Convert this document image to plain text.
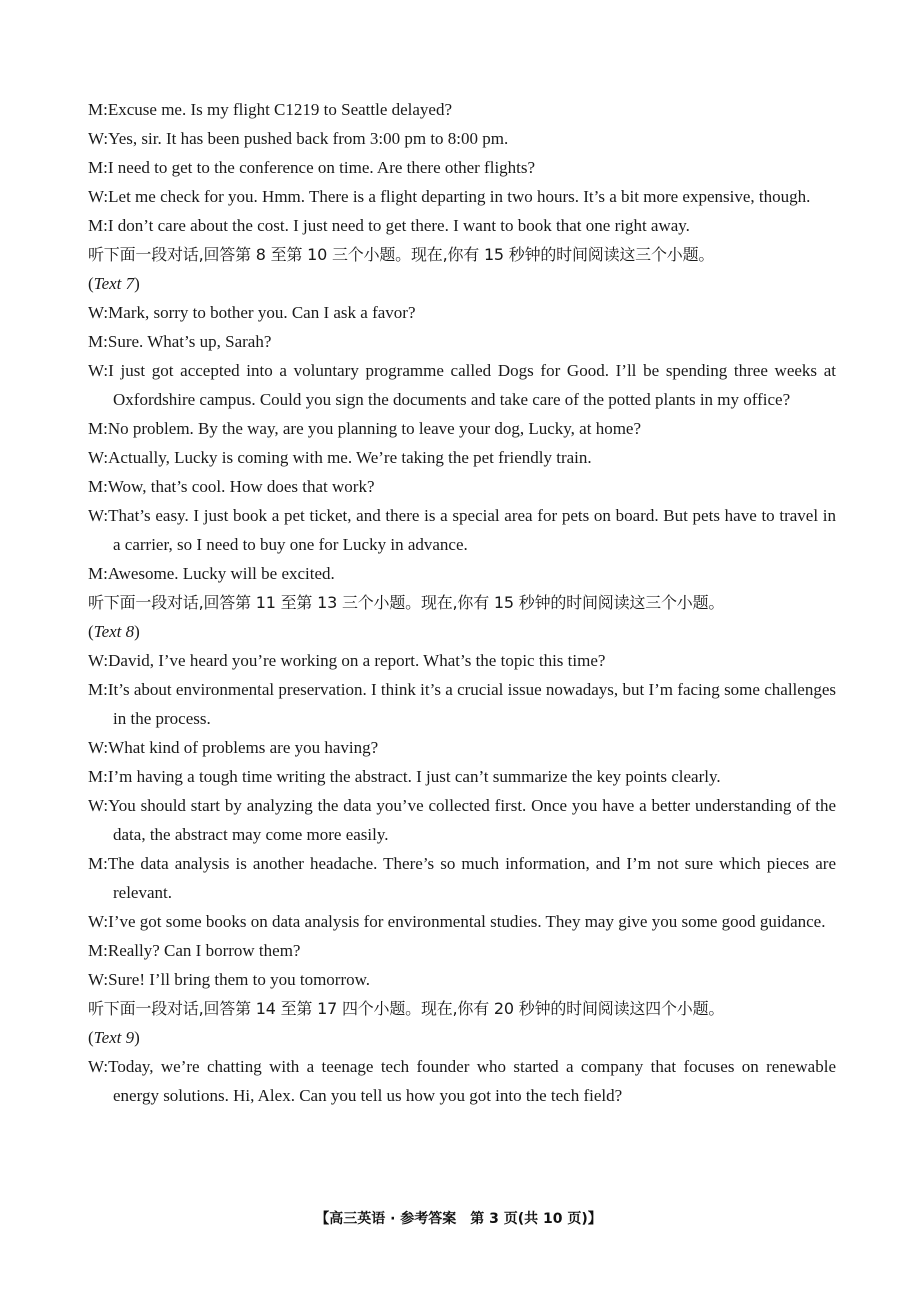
M:Excuse me. Is my flight C1219 to Seattle delayed?

W:Yes, sir. It has been pushed back from 3:00 pm to 8:00 pm.

M:I need to get to the conference on time. Are there other flights?

W:Let me check for you. Hmm. There is a flight departing in two hours. It’s a bit more expensive, though.

M:I don’t care about the cost. I just need to get there. I want to book that one right away.

听下面一段对话,回答第 8 至第 10 三个小题。现在,你有 15 秒钟的时间阅读这三个小题。

(Text 7)

W:Mark, sorry to bother you. Can I ask a favor?

M:Sure. What’s up, Sarah?

W:I just got accepted into a voluntary programme called Dogs for Good. I’ll be spending three weeks at Oxfordshire campus. Could you sign the documents and take care of the potted plants in my office?

M:No problem. By the way, are you planning to leave your dog, Lucky, at home?

W:Actually, Lucky is coming with me. We’re taking the pet friendly train.

M:Wow, that’s cool. How does that work?

W:That’s easy. I just book a pet ticket, and there is a special area for pets on board. But pets have to travel in a carrier, so I need to buy one for Lucky in advance.

M:Awesome. Lucky will be excited.

听下面一段对话,回答第 11 至第 13 三个小题。现在,你有 15 秒钟的时间阅读这三个小题。

(Text 8)

W:David, I’ve heard you’re working on a report. What’s the topic this time?

M:It’s about environmental preservation. I think it’s a crucial issue nowadays, but I’m facing some challenges in the process.

W:What kind of problems are you having?

M:I’m having a tough time writing the abstract. I just can’t summarize the key points clearly.

W:You should start by analyzing the data you’ve collected first. Once you have a better understanding of the data, the abstract may come more easily.

M:The data analysis is another headache. There’s so much information, and I’m not sure which pieces are relevant.

W:I’ve got some books on data analysis for environmental studies. They may give you some good guidance.

M:Really? Can I borrow them?

W:Sure! I’ll bring them to you tomorrow.

听下面一段对话,回答第 14 至第 17 四个小题。现在,你有 20 秒钟的时间阅读这四个小题。

(Text 9)

W:Today, we’re chatting with a teenage tech founder who started a company that focuses on renewable energy solutions. Hi, Alex. Can you tell us how you got into the tech field?

【高三英语 · 参考答案　第 3 页(共 10 页)】
